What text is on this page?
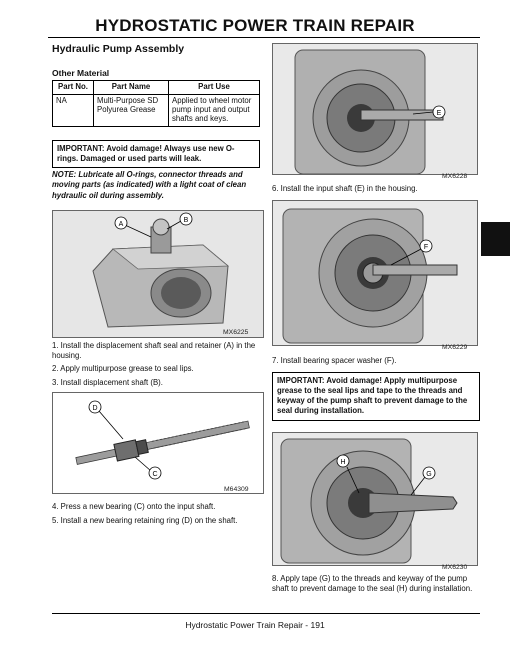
HYDROSTATIC POWER TRAIN REPAIR
Hydraulic Pump Assembly
Other Material
Part No.	Part Name	Part Use
NA	Multi-Purpose SD Polyurea Grease	Applied to wheel motor pump input and output shafts and keys.
IMPORTANT: Avoid damage! Always use new O-rings. Damaged or used parts will leak.
NOTE: Lubricate all O-rings, connector threads and moving parts (as indicated) with a light coat of clean hydraulic oil during assembly.
A
B
MX6225
1. Install the displacement shaft seal and retainer (A) in the housing.
2. Apply multipurpose grease to seal lips.
3. Install displacement shaft (B).
D
C
M64309
4. Press a new bearing (C) onto the input shaft.
5. Install a new bearing retaining ring (D) on the shaft.
E
MX6228
6. Install the input shaft (E) in the housing.
F
MX6229
7. Install bearing spacer washer (F).
IMPORTANT: Avoid damage! Apply multipurpose grease to the seal lips and tape to the threads and keyway of the pump shaft to prevent damage to the seal during installation.
H
G
MX6230
8. Apply tape (G) to the threads and keyway of the pump shaft to prevent damage to the seal (H) during installation.
Hydrostatic Power Train Repair - 191
